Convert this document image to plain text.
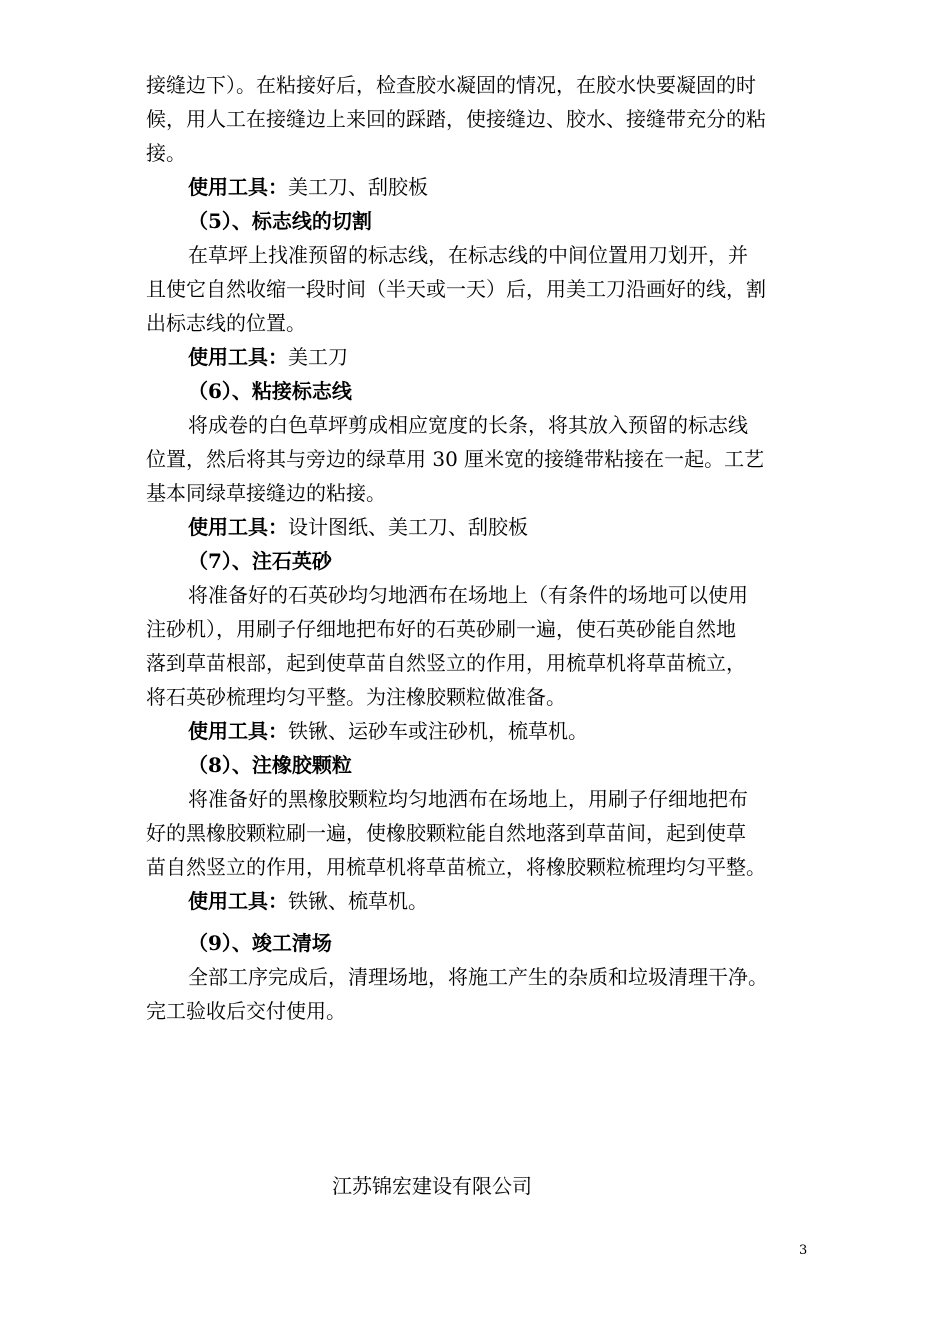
接缝边下）。在粘接好后，检查胶水凝固的情况，在胶水快要凝固的时
候，用人工在接缝边上来回的踩踏，使接缝边、胶水、接缝带充分的粘
接。
使用工具：美工刀、刮胶板
（5）、标志线的切割
在草坪上找准预留的标志线，在标志线的中间位置用刀划开，并
且使它自然收缩一段时间（半天或一天）后，用美工刀沿画好的线，割
出标志线的位置。
使用工具：美工刀
（6）、粘接标志线
将成卷的白色草坪剪成相应宽度的长条，将其放入预留的标志线
位置，然后将其与旁边的绿草用 30 厘米宽的接缝带粘接在一起。工艺
基本同绿草接缝边的粘接。
使用工具：设计图纸、美工刀、刮胶板
（7）、注石英砂
将准备好的石英砂均匀地洒布在场地上（有条件的场地可以使用
注砂机），用刷子仔细地把布好的石英砂刷一遍，使石英砂能自然地
落到草苗根部，起到使草苗自然竖立的作用，用梳草机将草苗梳立，
将石英砂梳理均匀平整。为注橡胶颗粒做准备。
使用工具：铁锹、运砂车或注砂机，梳草机。
（8）、注橡胶颗粒
将准备好的黑橡胶颗粒均匀地洒布在场地上，用刷子仔细地把布
好的黑橡胶颗粒刷一遍，使橡胶颗粒能自然地落到草苗间，起到使草
苗自然竖立的作用，用梳草机将草苗梳立，将橡胶颗粒梳理均匀平整。
使用工具：铁锹、梳草机。
（9）、竣工清场
全部工序完成后，清理场地，将施工产生的杂质和垃圾清理干净。
完工验收后交付使用。
江苏锦宏建设有限公司
3
